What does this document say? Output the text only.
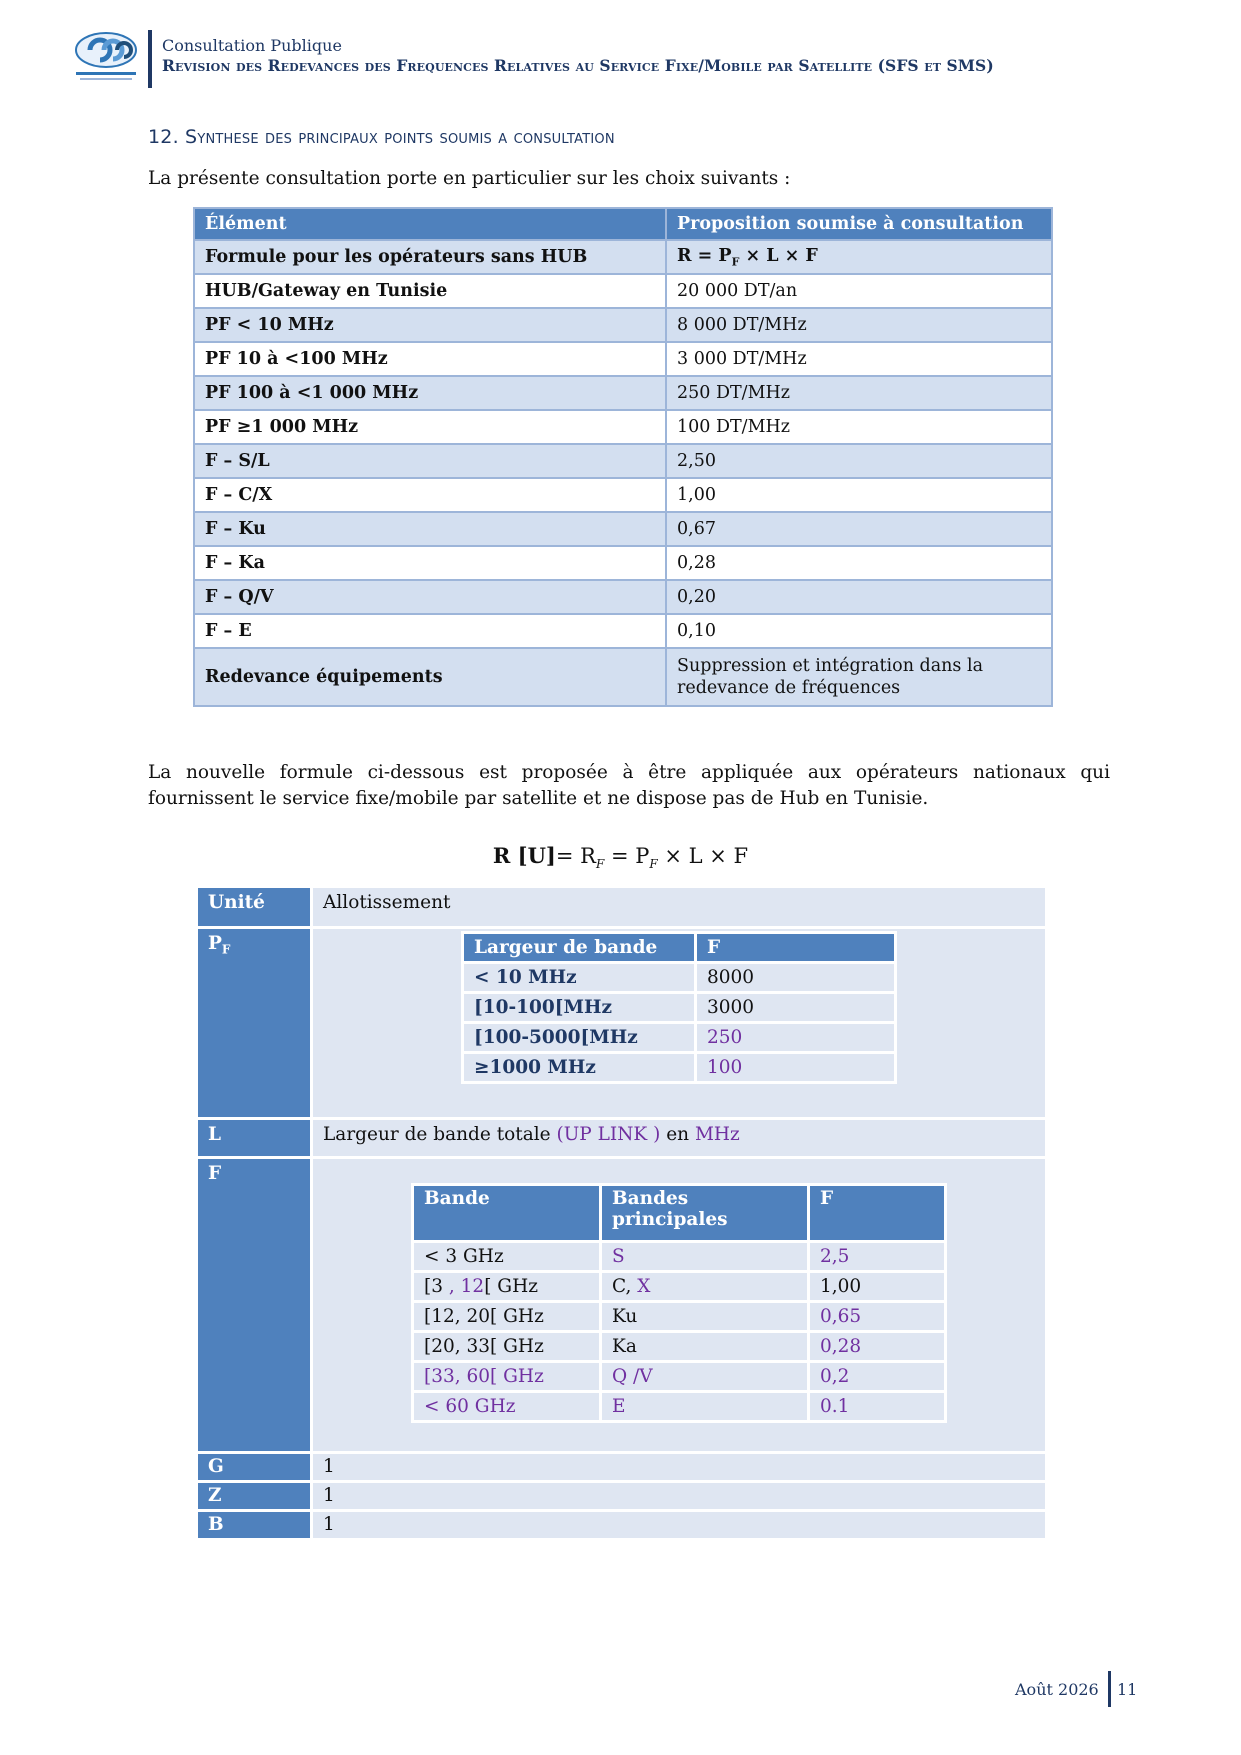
Consultation Publique
Revision des Redevances des Frequences Relatives au Service Fixe/Mobile par Satellite (SFS et SMS)
12. Synthese des principaux points soumis a consultation
La présente consultation porte en particulier sur les choix suivants :
Élément	Proposition soumise à consultation
Formule pour les opérateurs sans HUB	$R = P_F \times L \times F$
HUB/Gateway en Tunisie	20 000 DT/an
PF < 10 MHz	8 000 DT/MHz
PF 10 à <100 MHz	3 000 DT/MHz
PF 100 à <1 000 MHz	250 DT/MHz
PF ≥1 000 MHz	100 DT/MHz
F – S/L	2,50
F – C/X	1,00
F – Ku	0,67
F – Ka	0,28
F – Q/V	0,20
F – E	0,10
Redevance équipements	Suppression et intégration dans la redevance de fréquences
La nouvelle formule ci-dessous est proposée à être appliquée aux opérateurs nationaux qui fournissent le service fixe/mobile par satellite et ne dispose pas de Hub en Tunisie.
R $[U]= R_F = P_F \times L \times F$
Unité	Allotissement
$P_F$		Largeur de bande	F
< 10 MHz	8000
[10-100[MHz	3000
[100-5000[MHz	250
≥1000 MHz	100

L	Largeur de bande totale (UP LINK ) en MHz
F	
Bande	Bandes principales	F
< 3 GHz	S	2,5
[3 , 12[ GHz	C, X	1,00
[12, 20[ GHz	Ku	0,65
[20, 33[ GHz	Ka	0,28
[33, 60[ GHz	Q /V	0,2
< 60 GHz	E	0.1

G	1
Z	1
B	1
Août 2026 11
